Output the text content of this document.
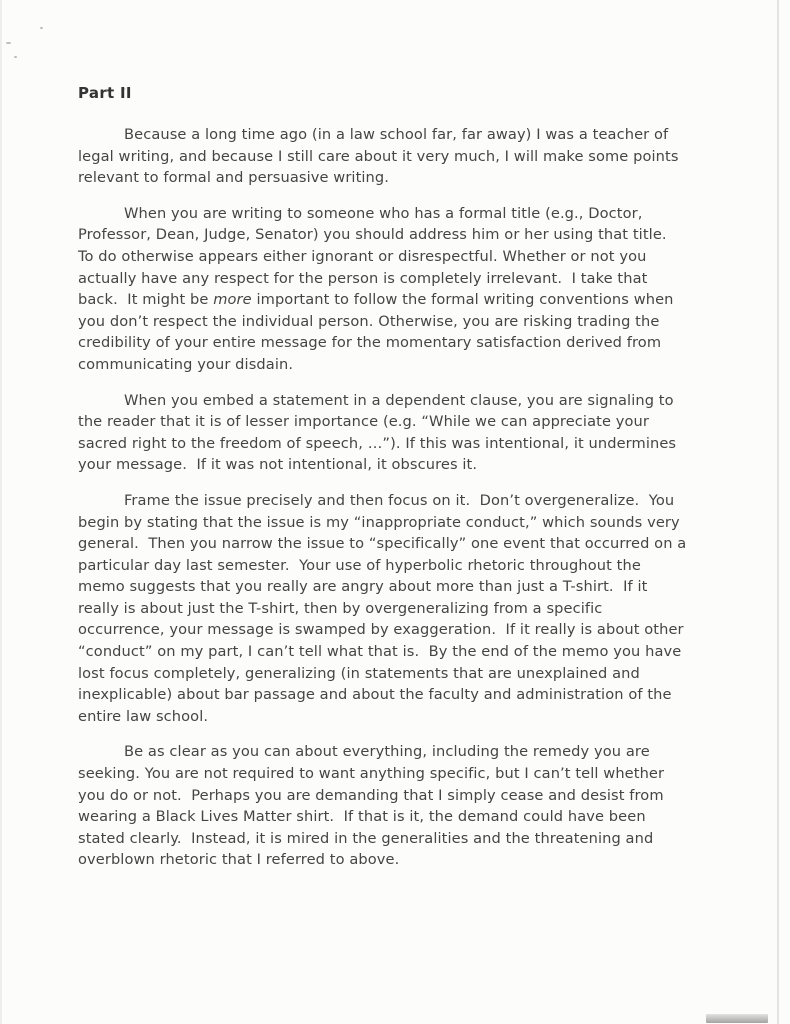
Part II

Because a long time ago (in a law school far, far away) I was a teacher of legal writing, and because I still care about it very much, I will make some points relevant to formal and persuasive writing.

When you are writing to someone who has a formal title (e.g., Doctor, Professor, Dean, Judge, Senator) you should address him or her using that title.  To do otherwise appears either ignorant or disrespectful. Whether or not you actually have any respect for the person is completely irrelevant.  I take that back.  It might be more important to follow the formal writing conventions when you don’t respect the individual person. Otherwise, you are risking trading the credibility of your entire message for the momentary satisfaction derived from communicating your disdain.

When you embed a statement in a dependent clause, you are signaling to the reader that it is of lesser importance (e.g. “While we can appreciate your sacred right to the freedom of speech, …”). If this was intentional, it undermines your message.  If it was not intentional, it obscures it.

Frame the issue precisely and then focus on it.  Don’t overgeneralize.  You begin by stating that the issue is my “inappropriate conduct,” which sounds very general.  Then you narrow the issue to “specifically” one event that occurred on a particular day last semester.  Your use of hyperbolic rhetoric throughout the memo suggests that you really are angry about more than just a T-shirt.  If it really is about just the T-shirt, then by overgeneralizing from a specific occurrence, your message is swamped by exaggeration.  If it really is about other “conduct” on my part, I can’t tell what that is.  By the end of the memo you have lost focus completely, generalizing (in statements that are unexplained and inexplicable) about bar passage and about the faculty and administration of the entire law school.

Be as clear as you can about everything, including the remedy you are seeking. You are not required to want anything specific, but I can’t tell whether you do or not.  Perhaps you are demanding that I simply cease and desist from wearing a Black Lives Matter shirt.  If that is it, the demand could have been stated clearly.  Instead, it is mired in the generalities and the threatening and overblown rhetoric that I referred to above.
